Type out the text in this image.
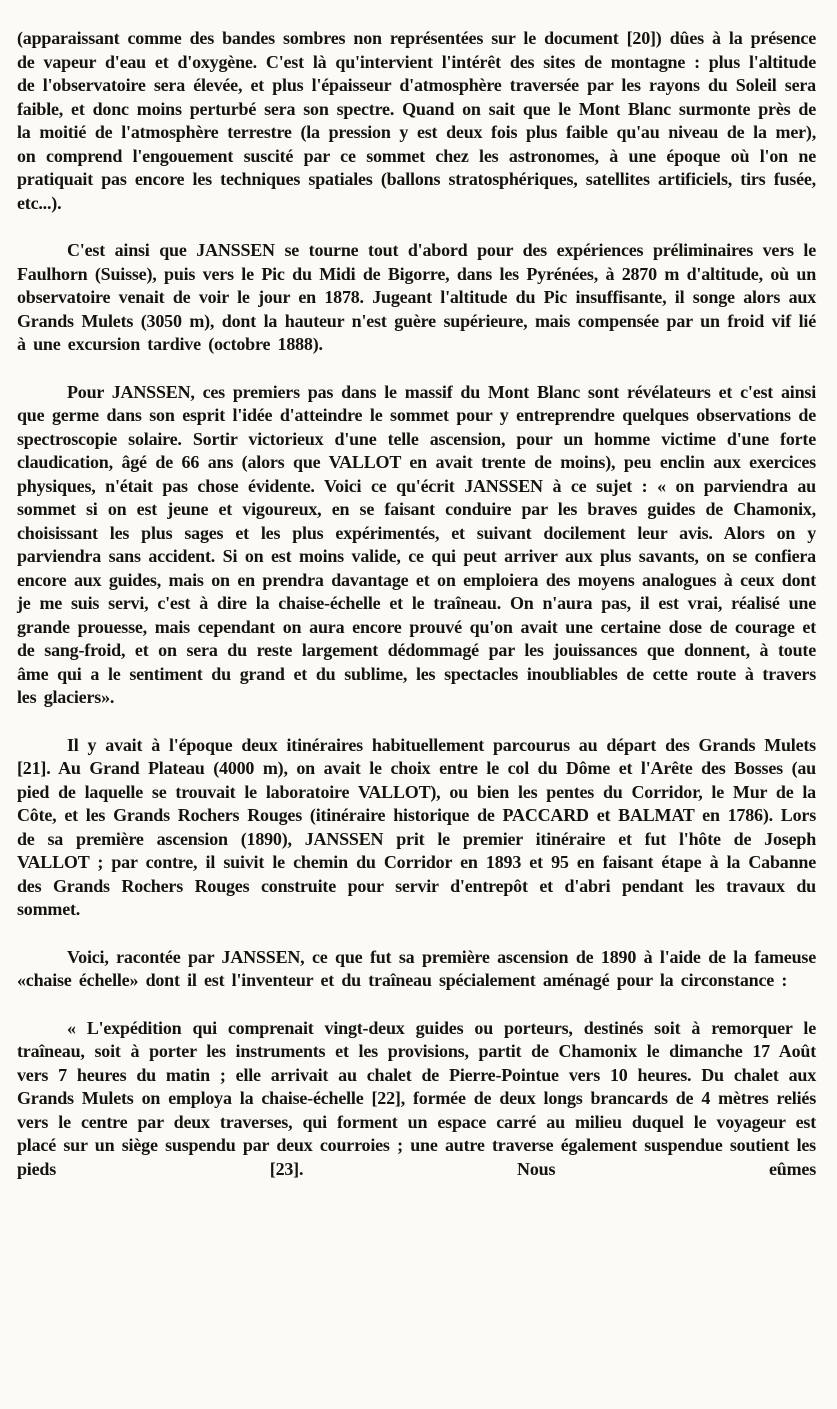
(apparaissant comme des bandes sombres non représentées sur le document [20]) dûes à la présence de vapeur d'eau et d'oxygène. C'est là qu'intervient l'intérêt des sites de montagne : plus l'altitude de l'observatoire sera élevée, et plus l'épaisseur d'atmosphère traversée par les rayons du Soleil sera faible, et donc moins perturbé sera son spectre. Quand on sait que le Mont Blanc surmonte près de la moitié de l'atmosphère terrestre (la pression y est deux fois plus faible qu'au niveau de la mer), on comprend l'engouement suscité par ce sommet chez les astronomes, à une époque où l'on ne pratiquait pas encore les techniques spatiales (ballons stratosphériques, satellites artificiels, tirs fusée, etc...).

C'est ainsi que JANSSEN se tourne tout d'abord pour des expériences préliminaires vers le Faulhorn (Suisse), puis vers le Pic du Midi de Bigorre, dans les Pyrénées, à 2870 m d'altitude, où un observatoire venait de voir le jour en 1878. Jugeant l'altitude du Pic insuffisante, il songe alors aux Grands Mulets (3050 m), dont la hauteur n'est guère supérieure, mais compensée par un froid vif lié à une excursion tardive (octobre 1888).

Pour JANSSEN, ces premiers pas dans le massif du Mont Blanc sont révélateurs et c'est ainsi que germe dans son esprit l'idée d'atteindre le sommet pour y entreprendre quelques observations de spectroscopie solaire. Sortir victorieux d'une telle ascension, pour un homme victime d'une forte claudication, âgé de 66 ans (alors que VALLOT en avait trente de moins), peu enclin aux exercices physiques, n'était pas chose évidente. Voici ce qu'écrit JANSSEN à ce sujet : « on parviendra au sommet si on est jeune et vigoureux, en se faisant conduire par les braves guides de Chamonix, choisissant les plus sages et les plus expérimentés, et suivant docilement leur avis. Alors on y parviendra sans accident. Si on est moins valide, ce qui peut arriver aux plus savants, on se confiera encore aux guides, mais on en prendra davantage et on emploiera des moyens analogues à ceux dont je me suis servi, c'est à dire la chaise-échelle et le traîneau. On n'aura pas, il est vrai, réalisé une grande prouesse, mais cependant on aura encore prouvé qu'on avait une certaine dose de courage et de sang-froid, et on sera du reste largement dédommagé par les jouissances que donnent, à toute âme qui a le sentiment du grand et du sublime, les spectacles inoubliables de cette route à travers les glaciers».

Il y avait à l'époque deux itinéraires habituellement parcourus au départ des Grands Mulets [21]. Au Grand Plateau (4000 m), on avait le choix entre le col du Dôme et l'Arête des Bosses (au pied de laquelle se trouvait le laboratoire VALLOT), ou bien les pentes du Corridor, le Mur de la Côte, et les Grands Rochers Rouges (itinéraire historique de PACCARD et BALMAT en 1786). Lors de sa première ascension (1890), JANSSEN prit le premier itinéraire et fut l'hôte de Joseph VALLOT ; par contre, il suivit le chemin du Corridor en 1893 et 95 en faisant étape à la Cabanne des Grands Rochers Rouges construite pour servir d'entrepôt et d'abri pendant les travaux du sommet.

Voici, racontée par JANSSEN, ce que fut sa première ascension de 1890 à l'aide de la fameuse «chaise échelle» dont il est l'inventeur et du traîneau spécialement aménagé pour la circonstance :

« L'expédition qui comprenait vingt-deux guides ou porteurs, destinés soit à remorquer le traîneau, soit à porter les instruments et les provisions, partit de Chamonix le dimanche 17 Août vers 7 heures du matin ; elle arrivait au chalet de Pierre-Pointue vers 10 heures. Du chalet aux Grands Mulets on employa la chaise-échelle [22], formée de deux longs brancards de 4 mètres reliés vers le centre par deux traverses, qui forment un espace carré au milieu duquel le voyageur est placé sur un siège suspendu par deux courroies ; une autre traverse également suspendue soutient les pieds [23]. Nous eûmes
